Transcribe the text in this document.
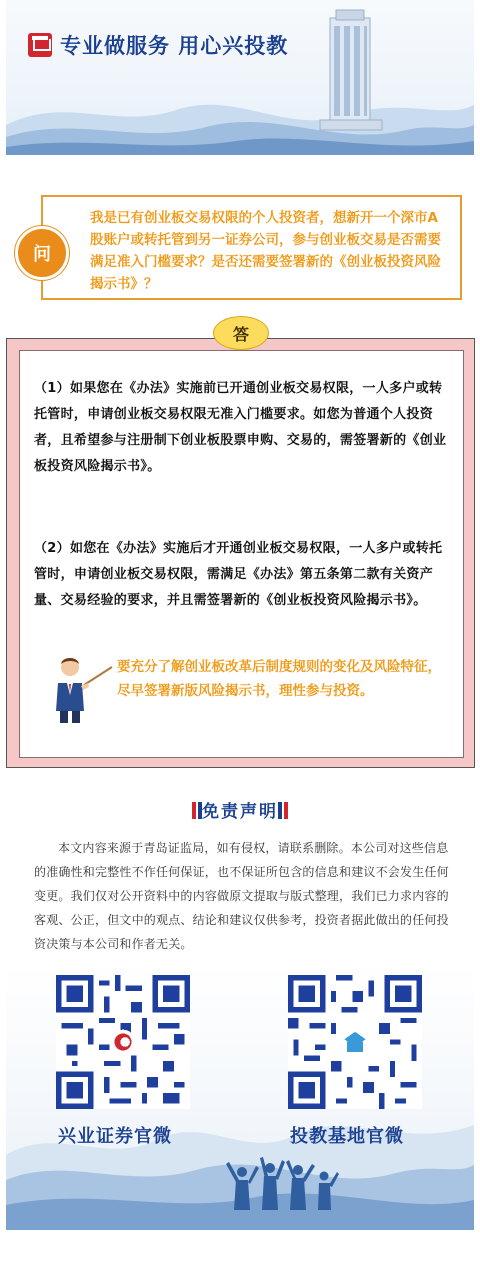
专业做服务 用心兴投教
我是已有创业板交易权限的个人投资者，想新开一个深市A股账户或转托管到另一证券公司，参与创业板交易是否需要满足准入门槛要求？是否还需要签署新的《创业板投资风险揭示书》？
问
答
（1）如果您在《办法》实施前已开通创业板交易权限，一人多户或转托管时，申请创业板交易权限无准入门槛要求。如您为普通个人投资者，且希望参与注册制下创业板股票申购、交易的，需签署新的《创业板投资风险揭示书》。
（2）如您在《办法》实施后才开通创业板交易权限，一人多户或转托管时，申请创业板交易权限，需满足《办法》第五条第二款有关资产量、交易经验的要求，并且需签署新的《创业板投资风险揭示书》。
要充分了解创业板改革后制度规则的变化及风险特征，尽早签署新版风险揭示书，理性参与投资。
免责声明
本文内容来源于青岛证监局，如有侵权，请联系删除。本公司对这些信息的准确性和完整性不作任何保证，也不保证所包含的信息和建议不会发生任何变更。我们仅对公开资料中的内容做原文提取与版式整理，我们已力求内容的客观、公正，但文中的观点、结论和建议仅供参考，投资者据此做出的任何投资决策与本公司和作者无关。
兴业证券官微	投教基地官微
